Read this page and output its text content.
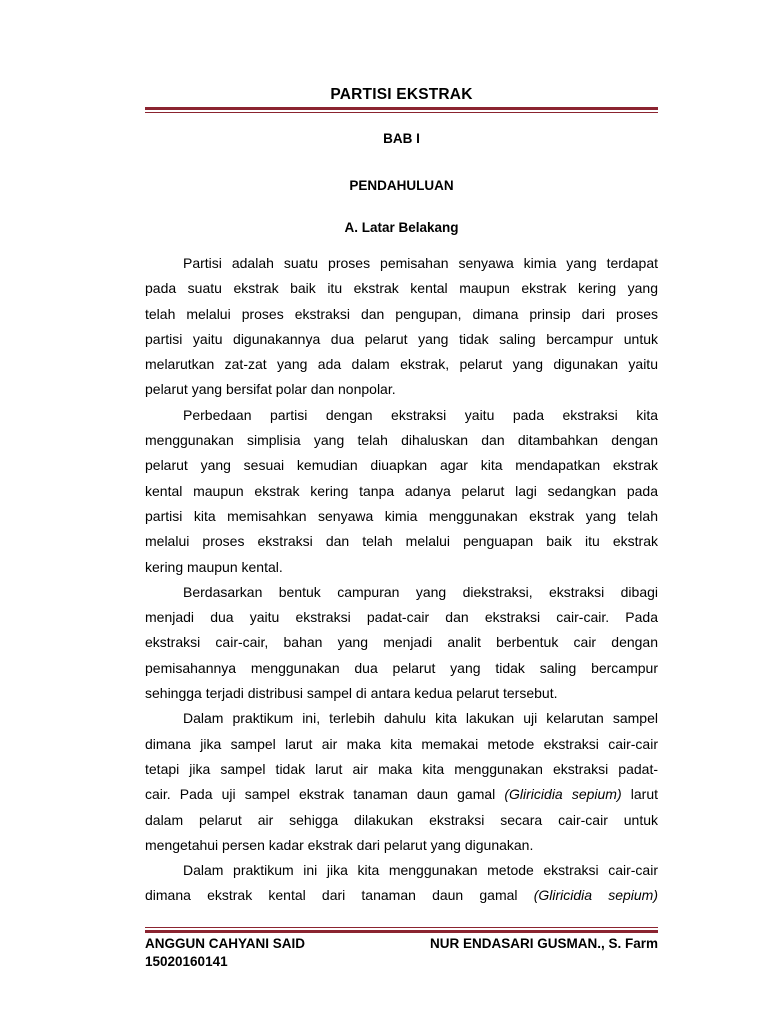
PARTISI EKSTRAK
BAB I
PENDAHULUAN
A. Latar Belakang
Partisi adalah suatu proses pemisahan senyawa kimia yang terdapat
pada suatu ekstrak baik itu ekstrak kental maupun ekstrak kering yang
telah melalui proses ekstraksi dan pengupan, dimana prinsip dari proses
partisi yaitu digunakannya dua pelarut yang tidak saling bercampur untuk
melarutkan zat-zat yang ada dalam ekstrak, pelarut yang digunakan yaitu
pelarut yang bersifat polar dan nonpolar.
Perbedaan partisi dengan ekstraksi yaitu pada ekstraksi kita
menggunakan simplisia yang telah dihaluskan dan ditambahkan dengan
pelarut yang sesuai kemudian diuapkan agar kita mendapatkan ekstrak
kental maupun ekstrak kering tanpa adanya pelarut lagi sedangkan pada
partisi kita memisahkan senyawa kimia menggunakan ekstrak yang telah
melalui proses ekstraksi dan telah melalui penguapan baik itu ekstrak
kering maupun kental.
Berdasarkan bentuk campuran yang diekstraksi, ekstraksi dibagi
menjadi dua yaitu ekstraksi padat-cair dan ekstraksi cair-cair. Pada
ekstraksi cair-cair, bahan yang menjadi analit berbentuk cair dengan
pemisahannya menggunakan dua pelarut yang tidak saling bercampur
sehingga terjadi distribusi sampel di antara kedua pelarut tersebut.
Dalam praktikum ini, terlebih dahulu kita lakukan uji kelarutan sampel
dimana jika sampel larut air maka kita memakai metode ekstraksi cair-cair
tetapi jika sampel tidak larut air maka kita menggunakan ekstraksi padat-
cair. Pada uji sampel ekstrak tanaman daun gamal (Gliricidia sepium) larut
dalam pelarut air sehigga dilakukan ekstraksi secara cair-cair untuk
mengetahui persen kadar ekstrak dari pelarut yang digunakan.
Dalam praktikum ini jika kita menggunakan metode ekstraksi cair-cair
dimana ekstrak kental dari tanaman daun gamal (Gliricidia sepium)
ANGGUN CAHYANI SAID	NUR ENDASARI GUSMAN., S. Farm
15020160141
